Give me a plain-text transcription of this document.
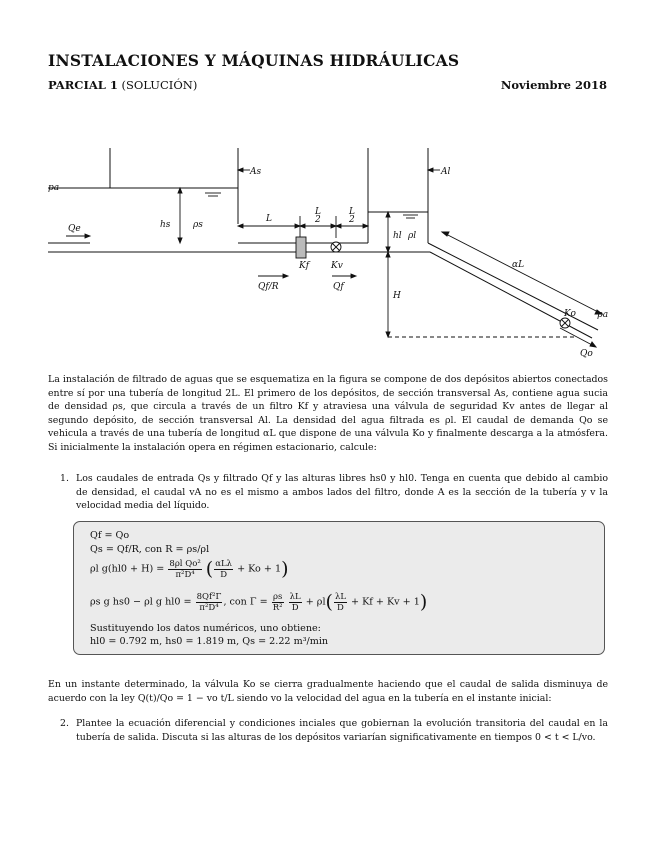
INSTALACIONES Y MÁQUINAS HIDRÁULICAS
PARCIAL 1 (SOLUCIÓN)	Noviembre 2018
pa
As	Al
Qe	hs	ρs
L
L
2
L
2
hl ρl
αL
Kf Kv
Qf/R	Qf
H
Ko pa
Qo
La instalación de filtrado de aguas que se esquematiza en la figura se compone de dos depósitos abiertos conectados entre sí por una tubería de longitud 2L. El primero de los depósitos, de sección transversal As, contiene agua sucia de densidad ρs, que circula a través de un filtro Kf y atraviesa una válvula de seguridad Kv antes de llegar al segundo depósito, de sección transversal Al. La densidad del agua filtrada es ρl. El caudal de demanda Qo se vehicula a través de una tubería de longitud αL que dispone de una válvula Ko y finalmente descarga a la atmósfera. Si inicialmente la instalación opera en régimen estacionario, calcule:
1. Los caudales de entrada Qs y filtrado Qf y las alturas libres hs0 y hl0. Tenga en cuenta que debido al cambio de densidad, el caudal vA no es el mismo a ambos lados del filtro, donde A es la sección de la tubería y v la velocidad media del líquido.
Qf = Qo
Qs = Qf/R, con R = ρs/ρl
ρl $g(hl0 + H) = \frac{\text{8ρl Qo²}}{\text{π²D⁴}}$ ( $\frac{\text{αLλ}}{D} + Ko + 1$)
ρs g hs0 − ρl g $hl0 = \frac{\text{8Qf²Γ}}{\text{π²D⁴}}$ , con $\Gamma = \frac{\rho s}{\text{R²}}$
$\frac{\lambda L}{D} + \rho l( \frac{\lambda L}{D} + Kf + Kv + 1)$
Sustituyendo los datos numéricos, uno obtiene:
hl0 = 0.792 m, hs0 = 1.819 m, Qs = 2.22 m³/min
En un instante determinado, la válvula Ko se cierra gradualmente haciendo que el caudal de salida disminuya de acuerdo con la ley Q(t)/Qo = 1 − vo t/L siendo vo la velocidad del agua en la tubería en el instante inicial:
2. Plantee la ecuación diferencial y condiciones inciales que gobiernan la evolución transitoria del caudal en la tubería de salida. Discuta si las alturas de los depósitos variarían significativamente en tiempos 0 < t < L/vo.
